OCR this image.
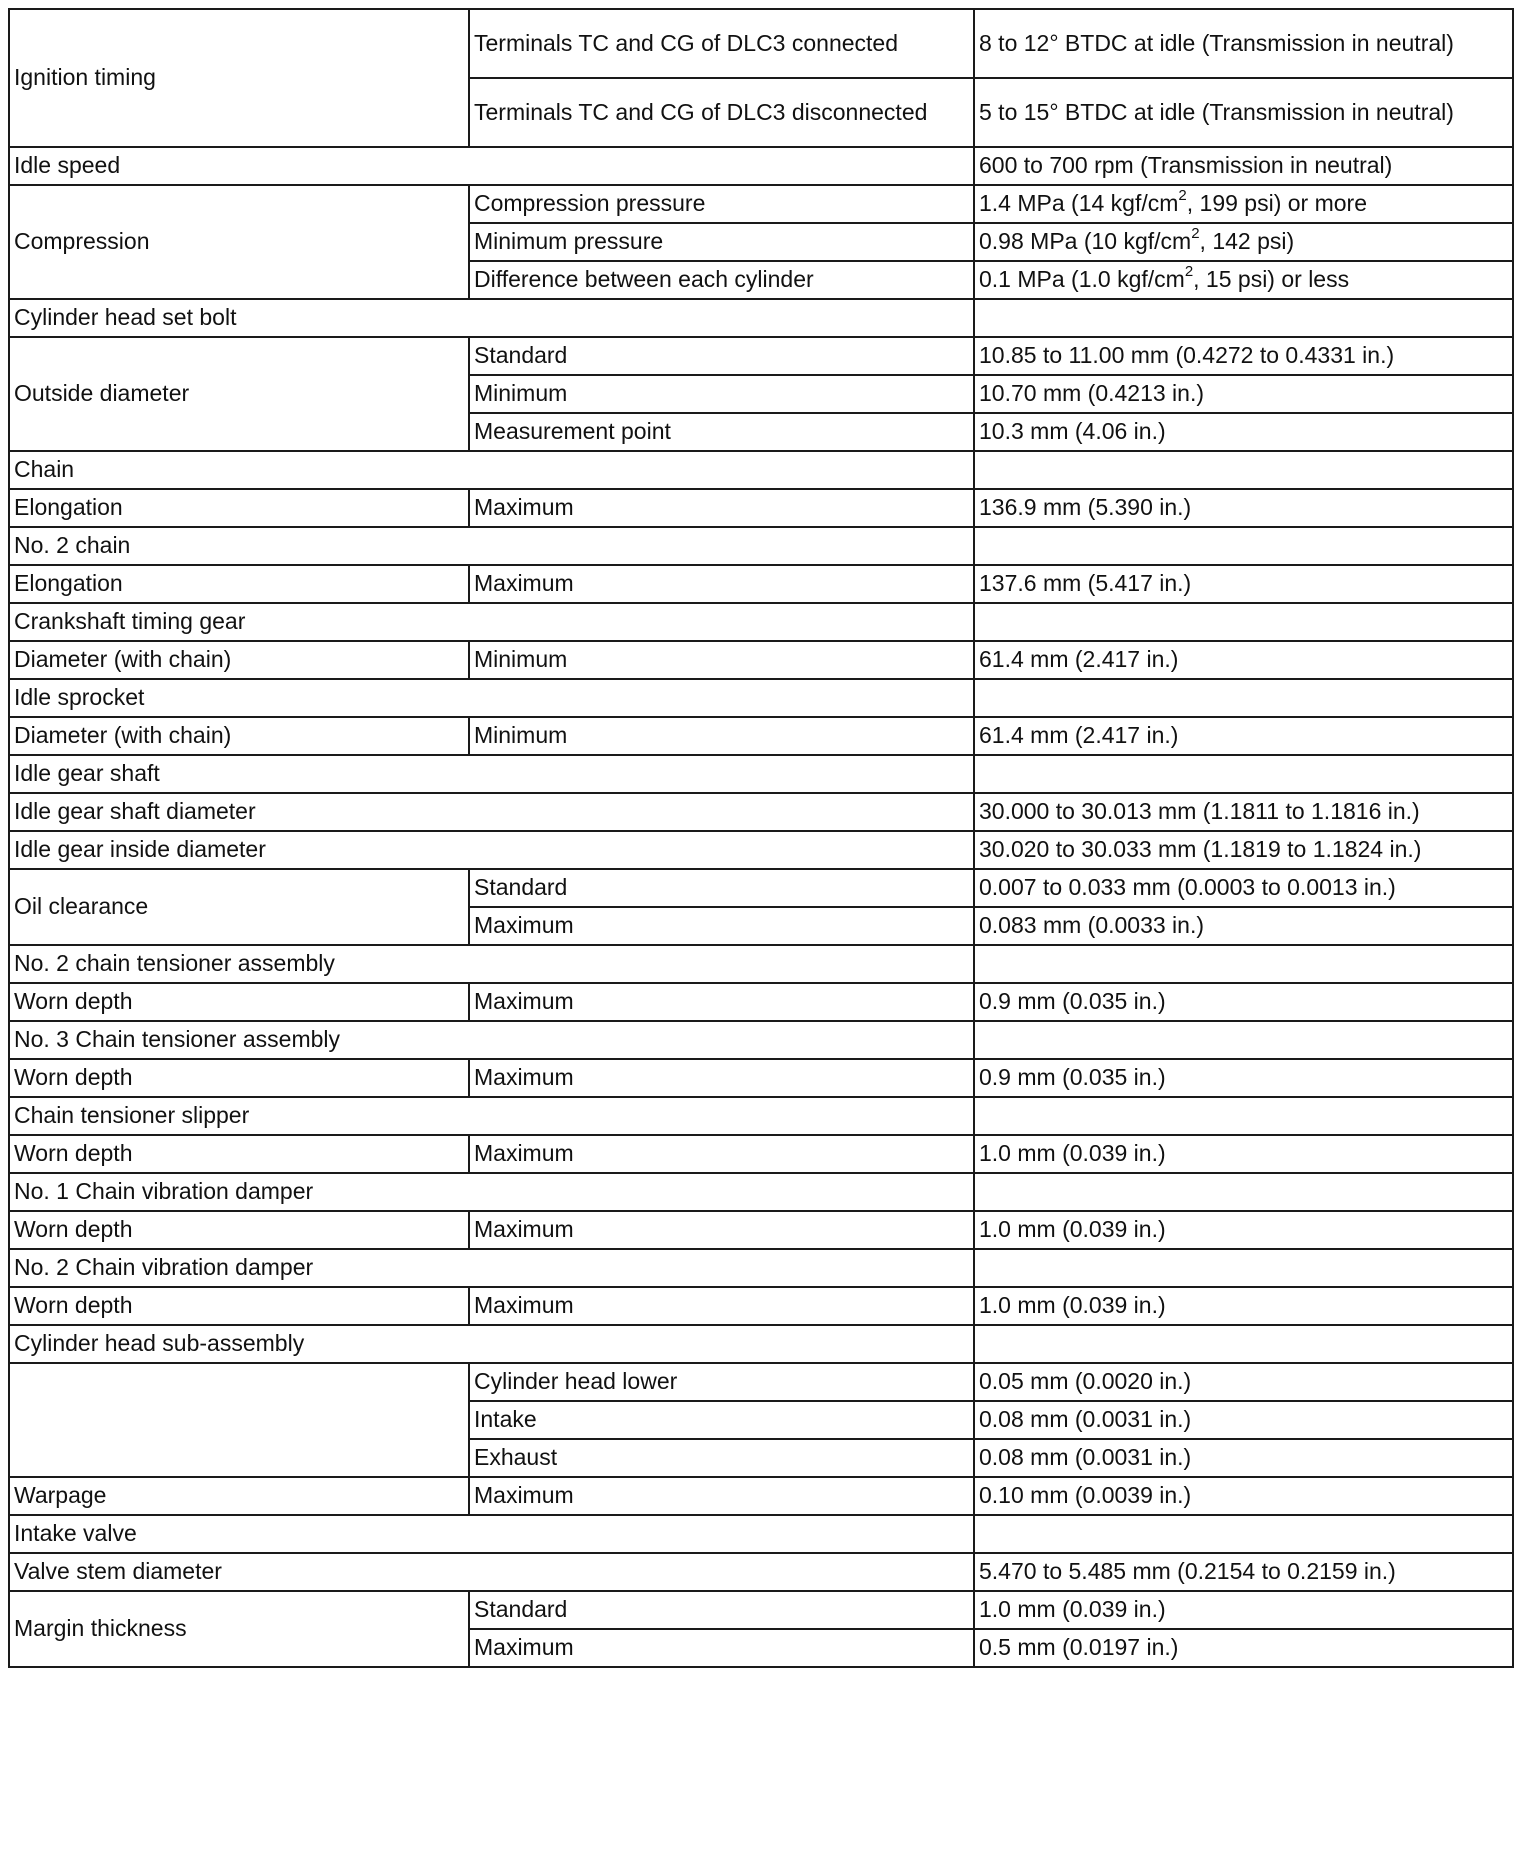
Ignition timing	Terminals TC and CG of DLC3 connected	8 to 12° BTDC at idle (Transmission in neutral)
	Terminals TC and CG of DLC3 disconnected	5 to 15° BTDC at idle (Transmission in neutral)
Idle speed		600 to 700 rpm (Transmission in neutral)
Compression	Compression pressure	1.4 MPa (14 kgf/$cm^2$, 199 psi) or more
	Minimum pressure	0.98 MPa (10 kgf/$cm^2$, 142 psi)
	Difference between each cylinder	0.1 MPa (1.0 kgf/$cm^2$, 15 psi) or less
Cylinder head set bolt		
Outside diameter	Standard	10.85 to 11.00 mm (0.4272 to 0.4331 in.)
	Minimum	10.70 mm (0.4213 in.)
	Measurement point	10.3 mm (4.06 in.)
Chain		
Elongation	Maximum	136.9 mm (5.390 in.)
No. 2 chain		
Elongation	Maximum	137.6 mm (5.417 in.)
Crankshaft timing gear		
Diameter (with chain)	Minimum	61.4 mm (2.417 in.)
Idle sprocket		
Diameter (with chain)	Minimum	61.4 mm (2.417 in.)
Idle gear shaft		
Idle gear shaft diameter		30.000 to 30.013 mm (1.1811 to 1.1816 in.)
Idle gear inside diameter		30.020 to 30.033 mm (1.1819 to 1.1824 in.)
Oil clearance	Standard	0.007 to 0.033 mm (0.0003 to 0.0013 in.)
	Maximum	0.083 mm (0.0033 in.)
No. 2 chain tensioner assembly		
Worn depth	Maximum	0.9 mm (0.035 in.)
No. 3 Chain tensioner assembly		
Worn depth	Maximum	0.9 mm (0.035 in.)
Chain tensioner slipper		
Worn depth	Maximum	1.0 mm (0.039 in.)
No. 1 Chain vibration damper		
Worn depth	Maximum	1.0 mm (0.039 in.)
No. 2 Chain vibration damper		
Worn depth	Maximum	1.0 mm (0.039 in.)
Cylinder head sub-assembly		
	Cylinder head lower	0.05 mm (0.0020 in.)
	Intake	0.08 mm (0.0031 in.)
	Exhaust	0.08 mm (0.0031 in.)
Warpage	Maximum	0.10 mm (0.0039 in.)
Intake valve		
Valve stem diameter		5.470 to 5.485 mm (0.2154 to 0.2159 in.)
Margin thickness	Standard	1.0 mm (0.039 in.)
	Maximum	0.5 mm (0.0197 in.)
